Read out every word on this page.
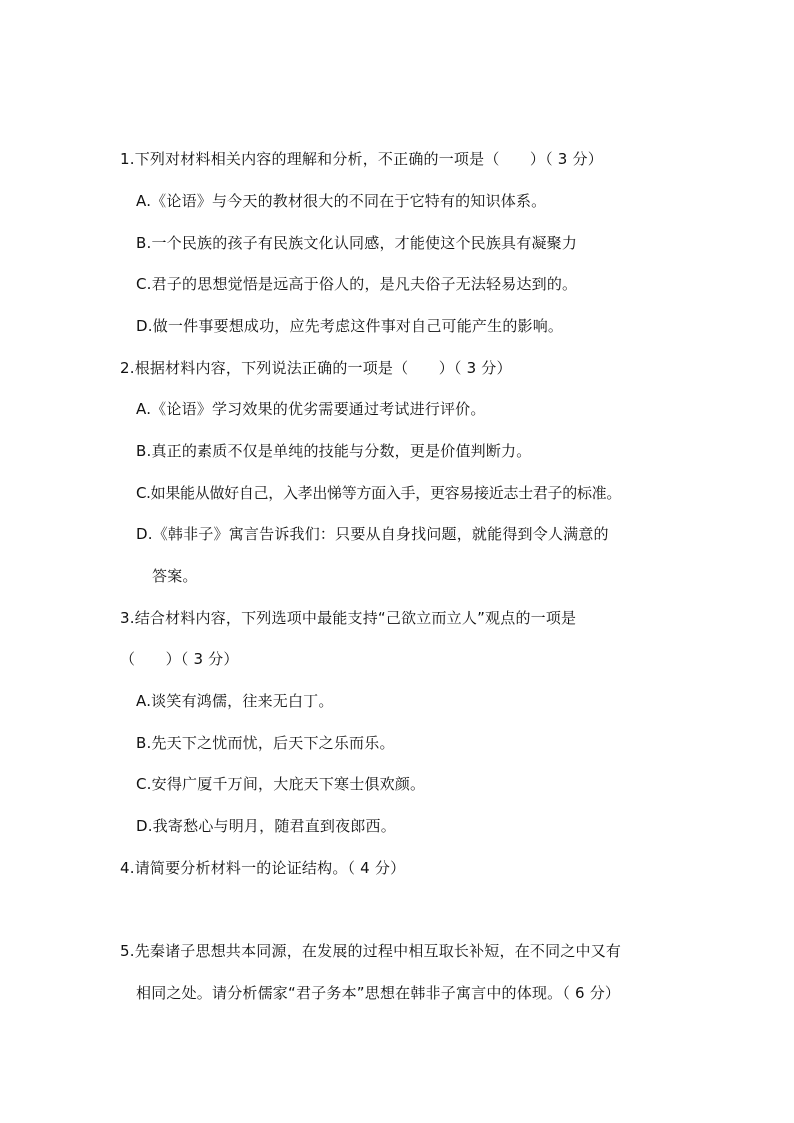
1.下列对材料相关内容的理解和分析，不正确的一项是（　　）（ 3 分）
A.《论语》与今天的教材很大的不同在于它特有的知识体系。
B.一个民族的孩子有民族文化认同感，才能使这个民族具有凝聚力
C.君子的思想觉悟是远高于俗人的，是凡夫俗子无法轻易达到的。
D.做一件事要想成功，应先考虑这件事对自己可能产生的影响。
2.根据材料内容，下列说法正确的一项是（　　）（ 3 分）
A.《论语》学习效果的优劣需要通过考试进行评价。
B.真正的素质不仅是单纯的技能与分数，更是价值判断力。
C.如果能从做好自己，入孝出悌等方面入手，更容易接近志士君子的标准。
D.《韩非子》寓言告诉我们：只要从自身找问题，就能得到令人满意的
答案。
3.结合材料内容，下列选项中最能支持“己欲立而立人”观点的一项是
（　　）（ 3 分）
A.谈笑有鸿儒，往来无白丁。
B.先天下之忧而忧，后天下之乐而乐。
C.安得广厦千万间，大庇天下寒士俱欢颜。
D.我寄愁心与明月，随君直到夜郎西。
4.请简要分析材料一的论证结构。（ 4 分）
5.先秦诸子思想共本同源，在发展的过程中相互取长补短，在不同之中又有
相同之处。请分析儒家“君子务本”思想在韩非子寓言中的体现。（ 6 分）
